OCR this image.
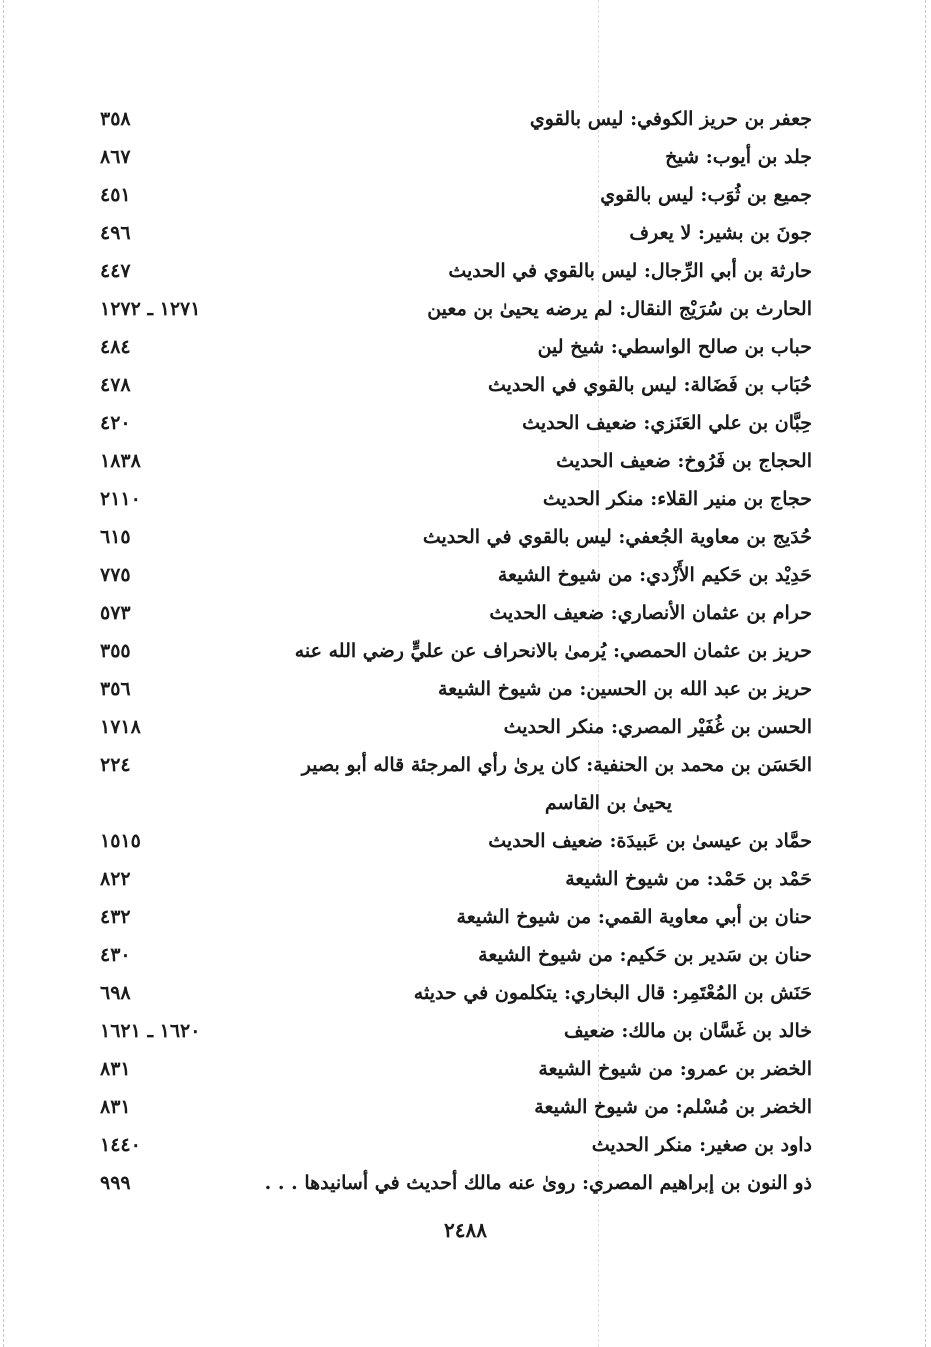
جعفر بن حريز الكوفي: ليس بالقوي
٣٥٨
جلد بن أيوب: شيخ
٨٦٧
جميع بن ثُوَب: ليس بالقوي
٤٥١
جونَ بن بشير: لا يعرف
٤٩٦
حارثة بن أبي الرِّجال: ليس بالقوي في الحديث
٤٤٧
الحارث بن سُرَيْج النقال: لم يرضه يحيىٰ بن معين
١٢٧١ ـ ١٢٧٢
حباب بن صالح الواسطي: شيخ لين
٤٨٤
حُبَاب بن فَضَالة: ليس بالقوي في الحديث
٤٧٨
حِبَّان بن علي العَنَزي: ضعيف الحديث
٤٢٠
الحجاج بن فَرُوخ: ضعيف الحديث
١٨٣٨
حجاج بن منير القلاء: منكر الحديث
٢١١٠
حُدَيج بن معاوية الجُعفي: ليس بالقوي في الحديث
٦١٥
حَدِيْد بن حَكيم الأَزْدي: من شيوخ الشيعة
٧٧٥
حرام بن عثمان الأنصاري: ضعيف الحديث
٥٧٣
حريز بن عثمان الحمصي: يُرمىٰ بالانحراف عن عليٍّ رضي الله عنه
٣٥٥
حريز بن عبد الله بن الحسين: من شيوخ الشيعة
٣٥٦
الحسن بن غُفَيْر المصري: منكر الحديث
١٧١٨
الحَسَن بن محمد بن الحنفية: كان يرىٰ رأي المرجئة قاله أبو بصير
٢٢٤
يحيىٰ بن القاسم
حمَّاد بن عيسىٰ بن عَبيدَة: ضعيف الحديث
١٥١٥
حَمْد بن حَمْد: من شيوخ الشيعة
٨٢٢
حنان بن أبي معاوية القمي: من شيوخ الشيعة
٤٣٢
حنان بن سَدير بن حَكيم: من شيوخ الشيعة
٤٣٠
حَنَش بن المُعْتَمِر: قال البخاري: يتكلمون في حديثه
٦٩٨
خالد بن غَسَّان بن مالك: ضعيف
١٦٢٠ ـ ١٦٢١
الخضر بن عمرو: من شيوخ الشيعة
٨٣١
الخضر بن مُسْلم: من شيوخ الشيعة
٨٣١
داود بن صغير: منكر الحديث
١٤٤٠
ذو النون بن إبراهيم المصري: روىٰ عنه مالك أحديث في أسانيدها . . .
٩٩٩
٢٤٨٨
